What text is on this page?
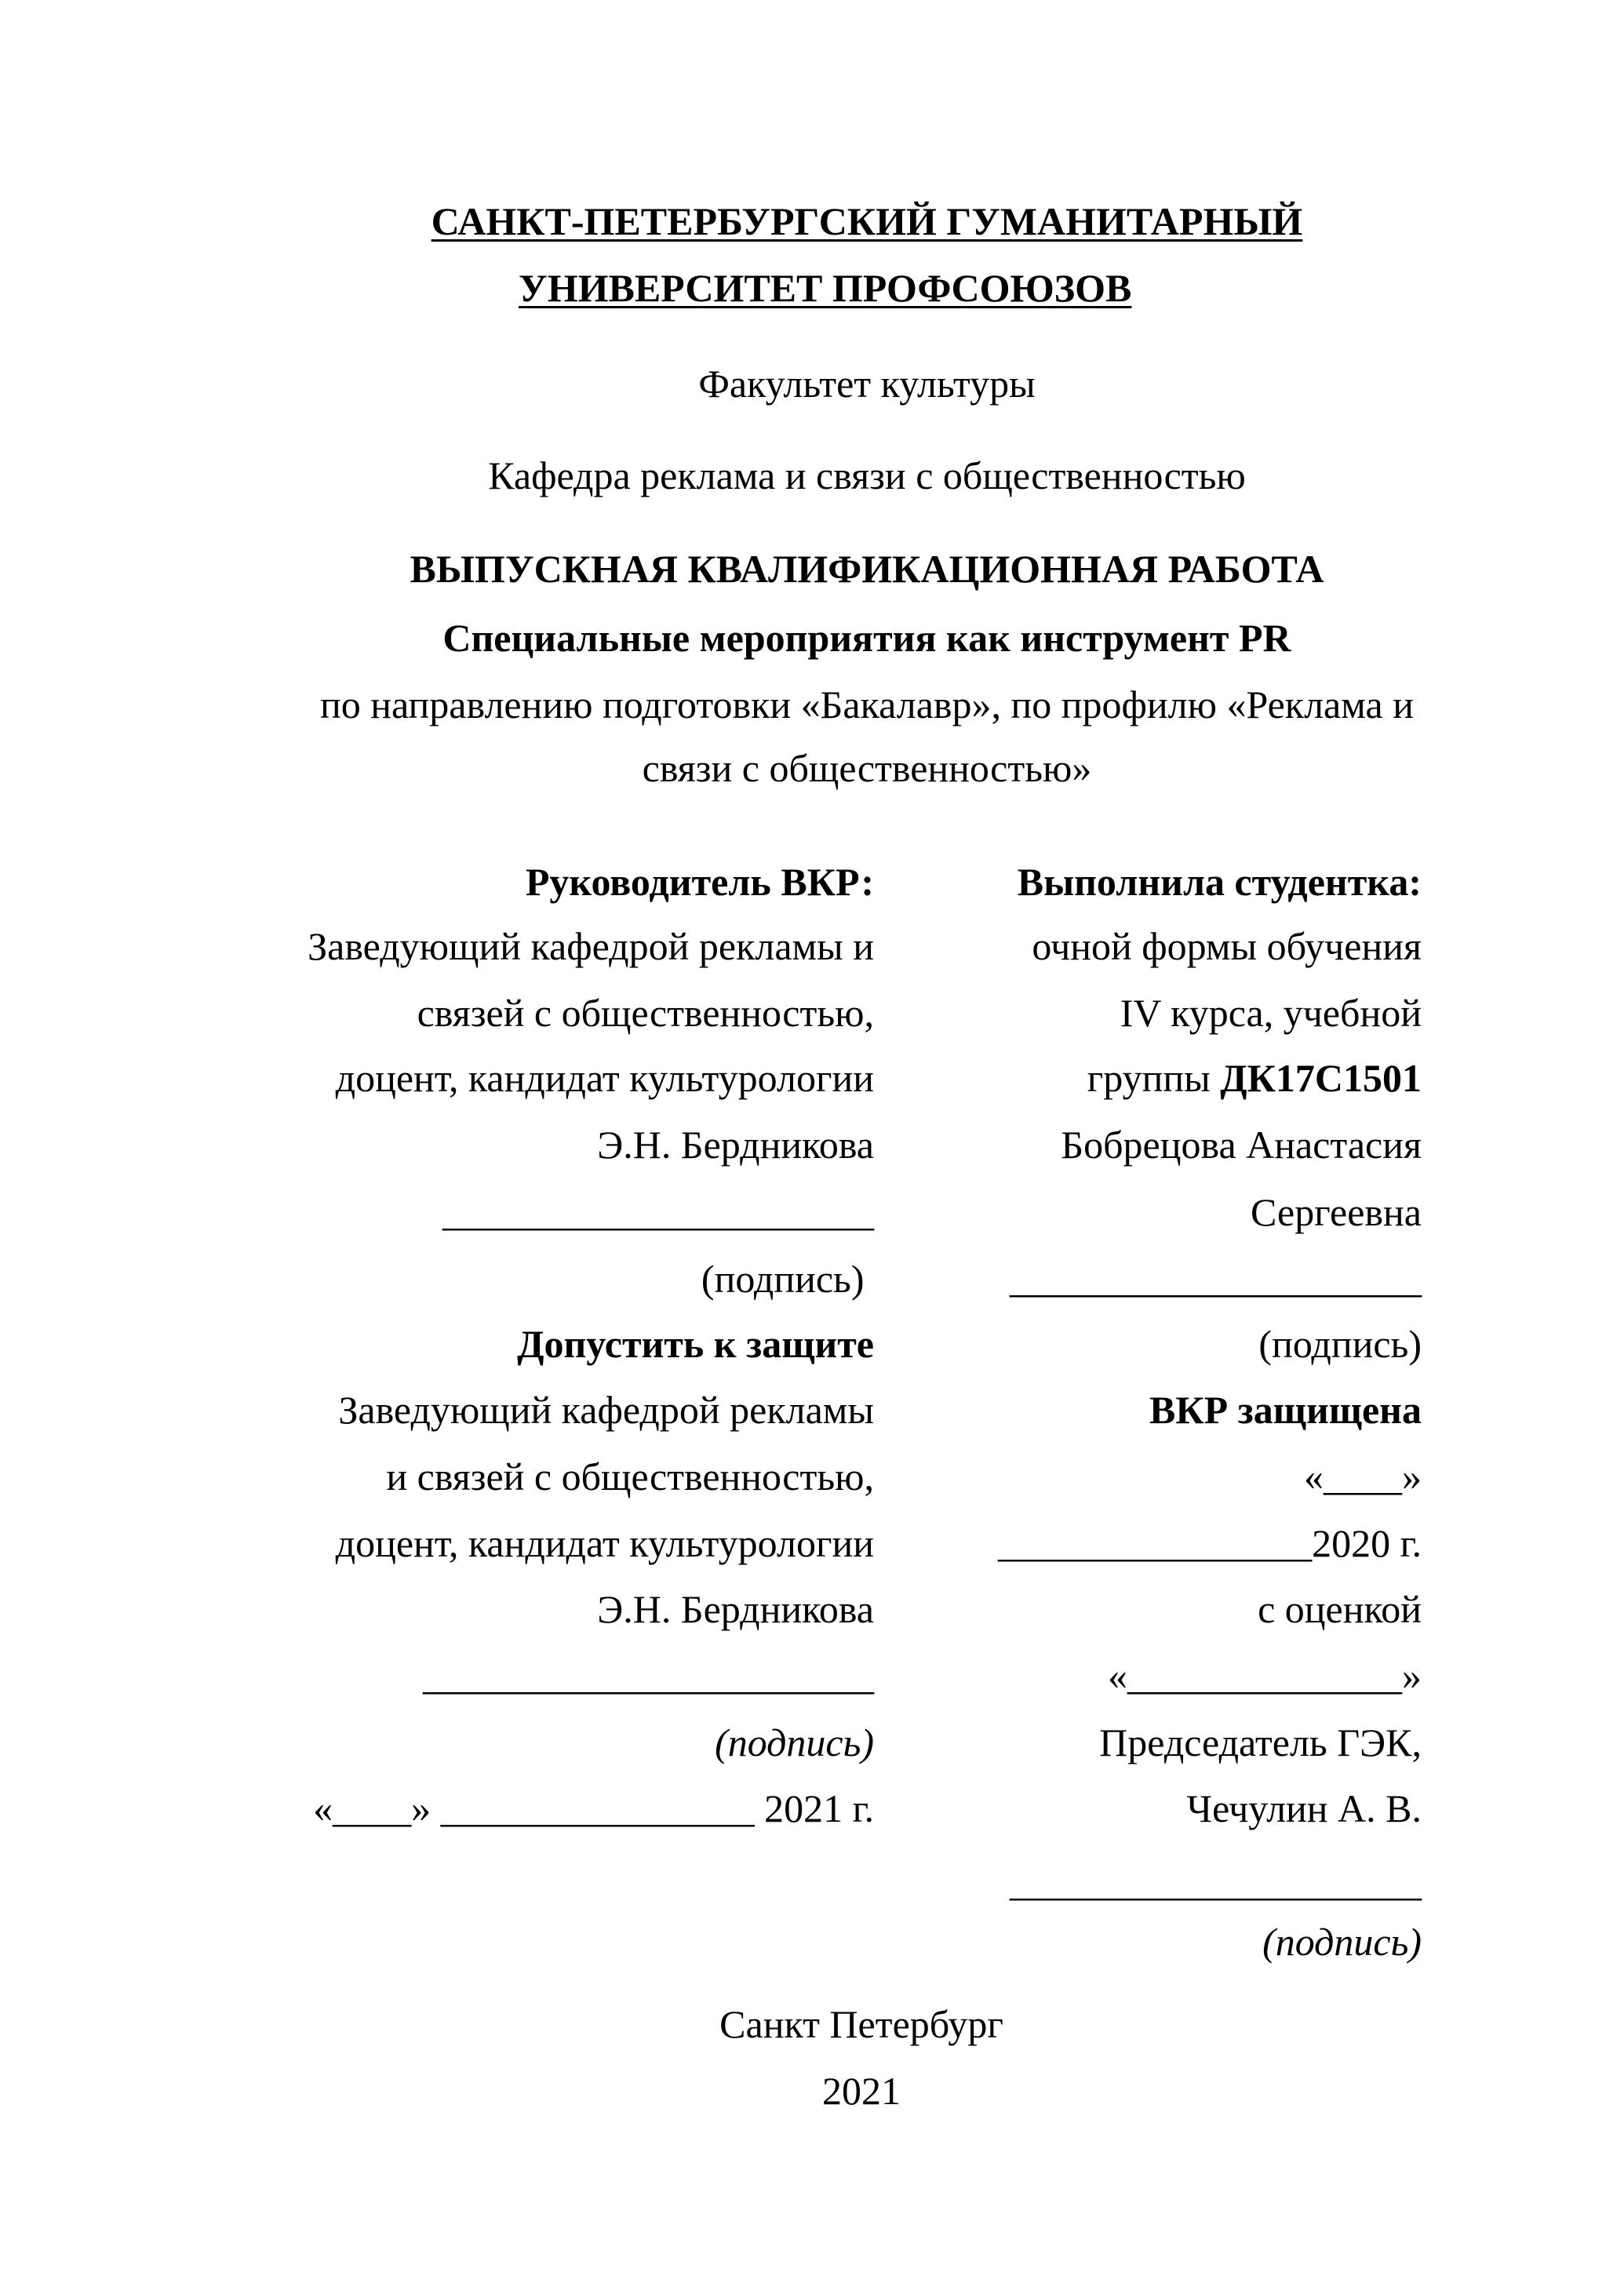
САНКТ-ПЕТЕРБУРГСКИЙ ГУМАНИТАРНЫЙ
УНИВЕРСИТЕТ ПРОФСОЮЗОВ
Факультет культуры
Кафедра реклама и связи с общественностью
ВЫПУСКНАЯ КВАЛИФИКАЦИОННАЯ РАБОТА
Специальные мероприятия как инструмент PR
по направлению подготовки «Бакалавр», по профилю «Реклама и
связи с общественностью»
Руководитель ВКР:
Заведующий кафедрой рекламы и
связей с общественностью,
доцент, кандидат культурологии
Э.Н. Бердникова
______________________
(подпись)
Допустить к защите
Заведующий кафедрой рекламы
и связей с общественностью,
доцент, кандидат культурологии
Э.Н. Бердникова
_______________________
(подпись)
«____» ________________ 2021 г.
Выполнила студентка:
очной формы обучения
IV курса, учебной
группы ДК17С1501
Бобрецова Анастасия
Сергеевна
_____________________
(подпись)
ВКР защищена
«____»
________________2020 г.
с оценкой
«______________»
Председатель ГЭК,
Чечулин А. В.
_____________________
(подпись)
Санкт Петербург
2021
